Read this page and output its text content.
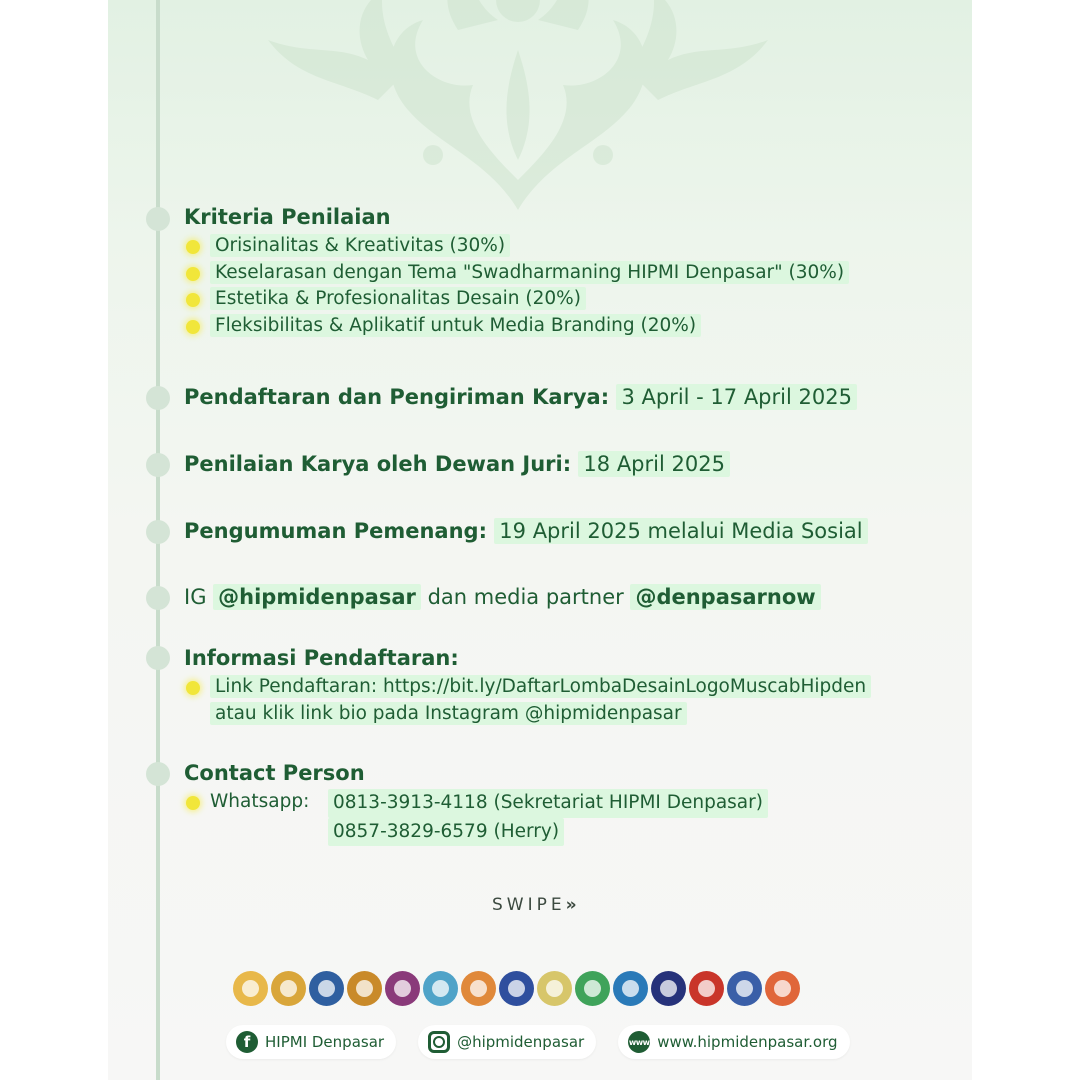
Kriteria Penilaian
Orisinalitas & Kreativitas (30%)
Keselarasan dengan Tema "Swadharmaning HIPMI Denpasar" (30%)
Estetika & Profesionalitas Desain (20%)
Fleksibilitas & Aplikatif untuk Media Branding (20%)
Pendaftaran dan Pengiriman Karya: 3 April - 17 April 2025
Penilaian Karya oleh Dewan Juri: 18 April 2025
Pengumuman Pemenang: 19 April 2025 melalui Media Sosial
IG @hipmidenpasar dan media partner @denpasarnow
Informasi Pendaftaran:
Link Pendaftaran: https://bit.ly/DaftarLombaDesainLogoMuscabHipden
atau klik link bio pada Instagram @hipmidenpasar
Contact Person
Whatsapp:	0813-3913-4118 (Sekretariat HIPMI Denpasar)
0857-3829-6579 (Herry)
SWIPE››
f HIPMI Denpasar	@hipmidenpasar	www www.hipmidenpasar.org
